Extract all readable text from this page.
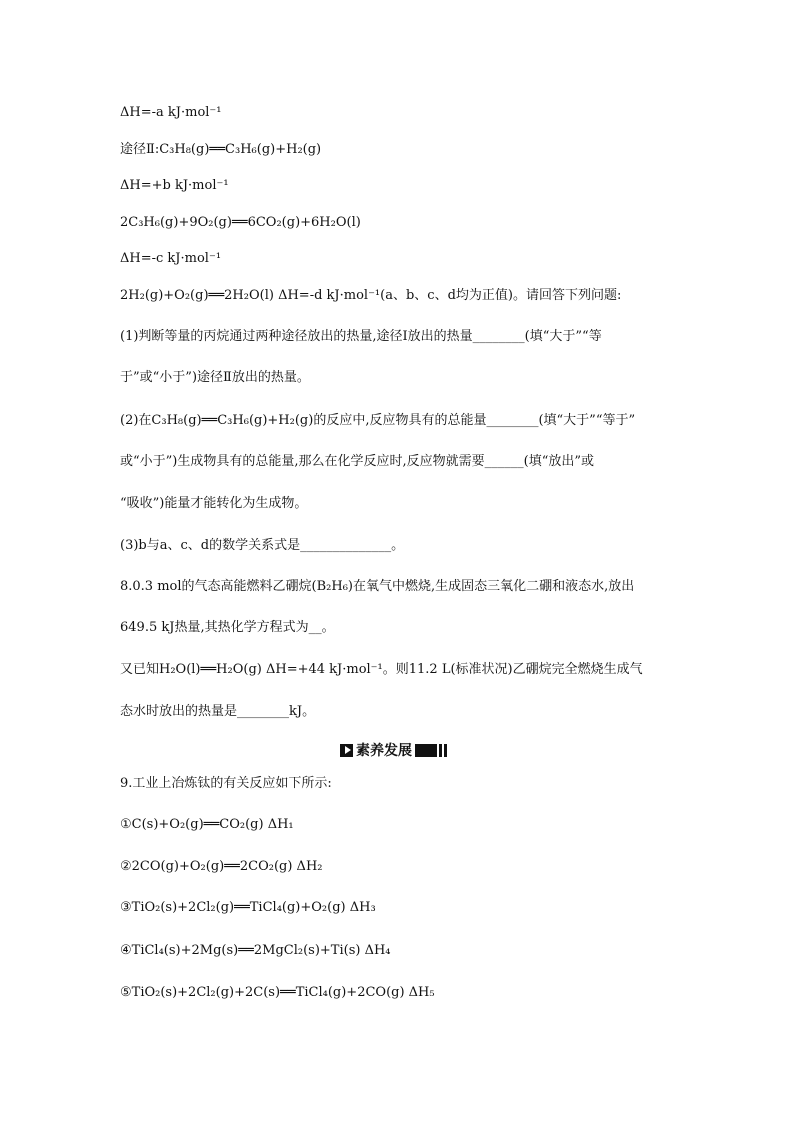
ΔH=-a kJ·mol⁻¹
途径Ⅱ:C₃H₈(g)══C₃H₆(g)+H₂(g)
ΔH=+b kJ·mol⁻¹
2C₃H₆(g)+9O₂(g)══6CO₂(g)+6H₂O(l)
ΔH=-c kJ·mol⁻¹
2H₂(g)+O₂(g)══2H₂O(l) ΔH=-d kJ·mol⁻¹(a、b、c、d均为正值)。请回答下列问题:
(1)判断等量的丙烷通过两种途径放出的热量,途径Ⅰ放出的热量________(填“大于”“等
于”或“小于”)途径Ⅱ放出的热量。
(2)在C₃H₈(g)══C₃H₆(g)+H₂(g)的反应中,反应物具有的总能量________(填“大于”“等于”
或“小于”)生成物具有的总能量,那么在化学反应时,反应物就需要______(填“放出”或
“吸收”)能量才能转化为生成物。
(3)b与a、c、d的数学关系式是______________。
8.0.3 mol的气态高能燃料乙硼烷(B₂H₆)在氧气中燃烧,生成固态三氧化二硼和液态水,放出
649.5 kJ热量,其热化学方程式为__。
又已知H₂O(l)══H₂O(g) ΔH=+44 kJ·mol⁻¹。则11.2 L(标准状况)乙硼烷完全燃烧生成气
态水时放出的热量是________kJ。
素养发展
9.工业上冶炼钛的有关反应如下所示:
①C(s)+O₂(g)══CO₂(g) ΔH₁
②2CO(g)+O₂(g)══2CO₂(g) ΔH₂
③TiO₂(s)+2Cl₂(g)══TiCl₄(g)+O₂(g) ΔH₃
④TiCl₄(s)+2Mg(s)══2MgCl₂(s)+Ti(s) ΔH₄
⑤TiO₂(s)+2Cl₂(g)+2C(s)══TiCl₄(g)+2CO(g) ΔH₅
